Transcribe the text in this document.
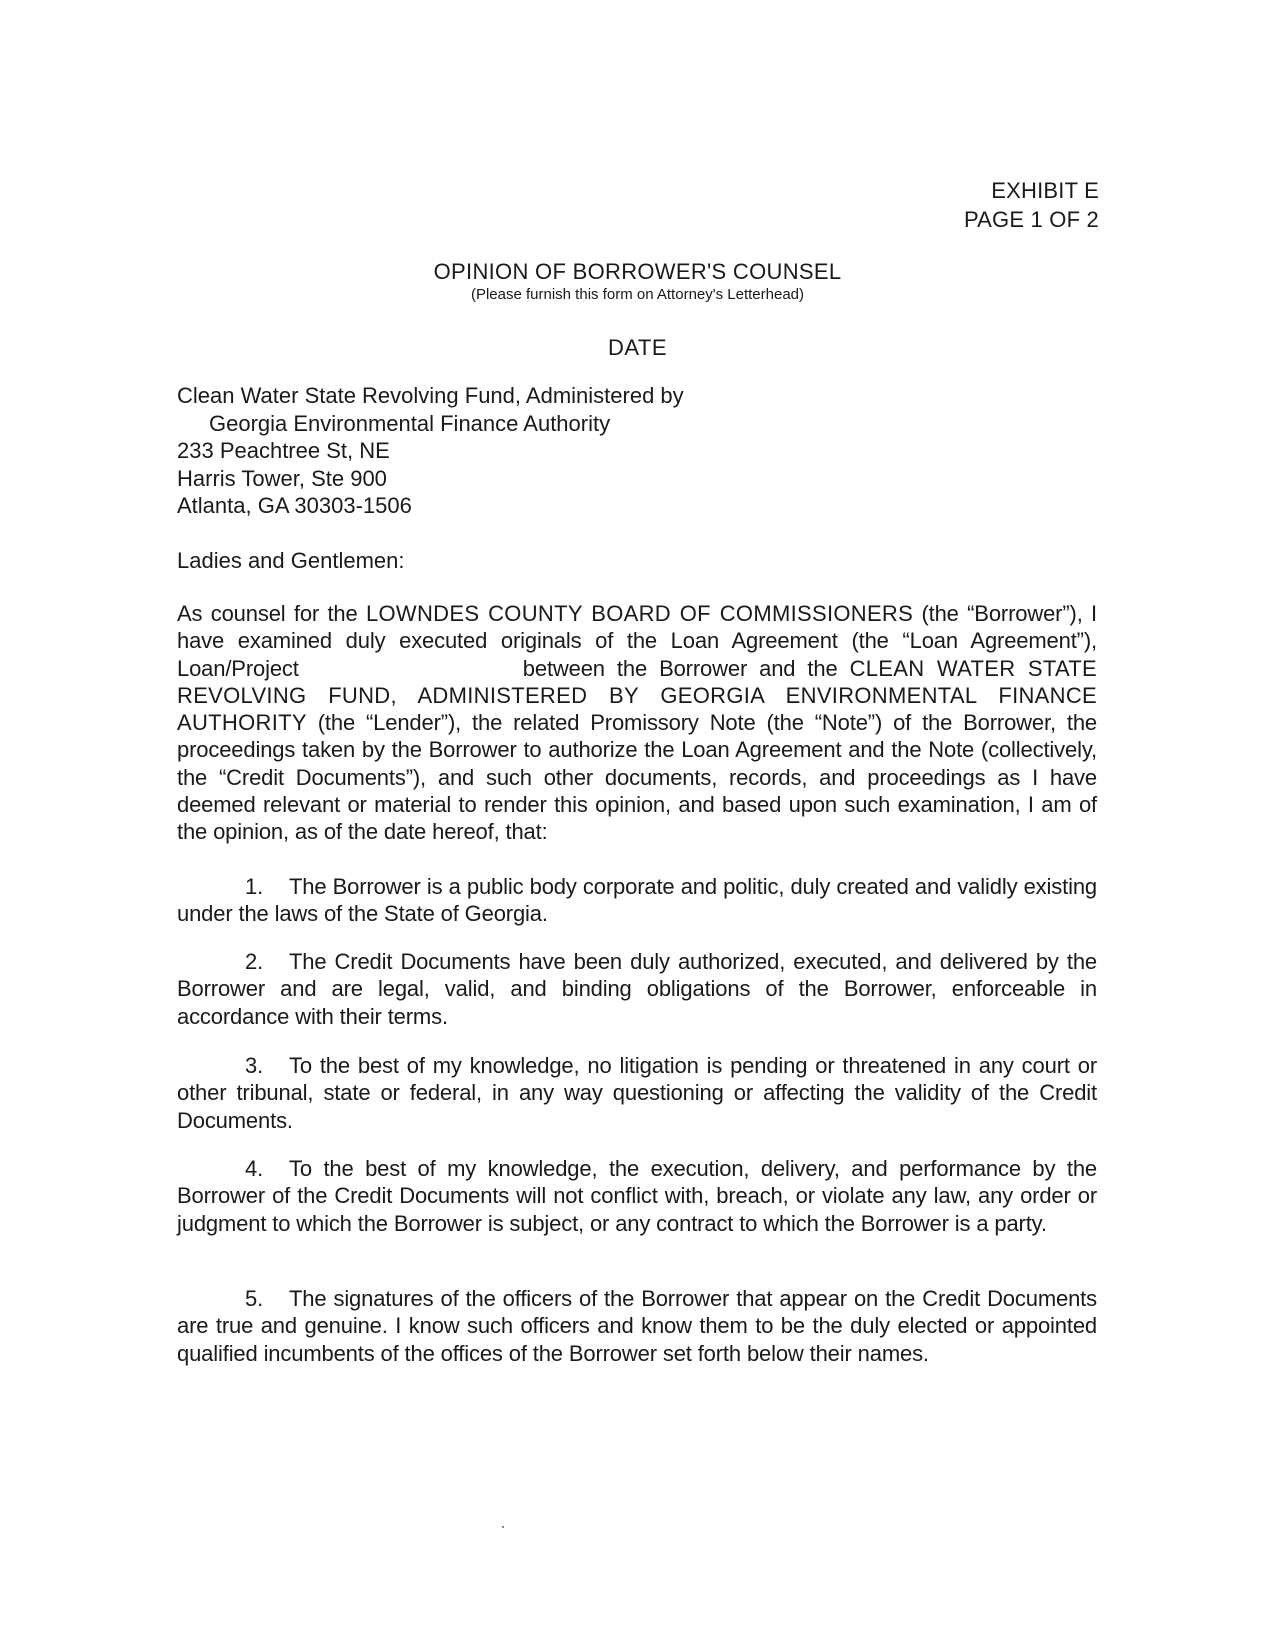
EXHIBIT E
PAGE 1 OF 2
OPINION OF BORROWER'S COUNSEL
(Please furnish this form on Attorney's Letterhead)
DATE
Clean Water State Revolving Fund, Administered by
Georgia Environmental Finance Authority
233 Peachtree St, NE
Harris Tower, Ste 900
Atlanta, GA 30303-1506
Ladies and Gentlemen:
As counsel for the LOWNDES COUNTY BOARD OF COMMISSIONERS (the “Borrower”), I have examined duly executed originals of the Loan Agreement (the “Loan Agreement”), Loan/Project	between the Borrower and the CLEAN WATER STATE REVOLVING FUND, ADMINISTERED BY GEORGIA ENVIRONMENTAL FINANCE AUTHORITY (the “Lender”), the related Promissory Note (the “Note”) of the Borrower, the proceedings taken by the Borrower to authorize the Loan Agreement and the Note (collectively, the “Credit Documents”), and such other documents, records, and proceedings as I have deemed relevant or material to render this opinion, and based upon such examination, I am of the opinion, as of the date hereof, that:
1. The Borrower is a public body corporate and politic, duly created and validly existing under the laws of the State of Georgia.
2. The Credit Documents have been duly authorized, executed, and delivered by the Borrower and are legal, valid, and binding obligations of the Borrower, enforceable in accordance with their terms.
3. To the best of my knowledge, no litigation is pending or threatened in any court or other tribunal, state or federal, in any way questioning or affecting the validity of the Credit Documents.
4. To the best of my knowledge, the execution, delivery, and performance by the Borrower of the Credit Documents will not conflict with, breach, or violate any law, any order or judgment to which the Borrower is subject, or any contract to which the Borrower is a party.
5. The signatures of the officers of the Borrower that appear on the Credit Documents are true and genuine. I know such officers and know them to be the duly elected or appointed qualified incumbents of the offices of the Borrower set forth below their names.
